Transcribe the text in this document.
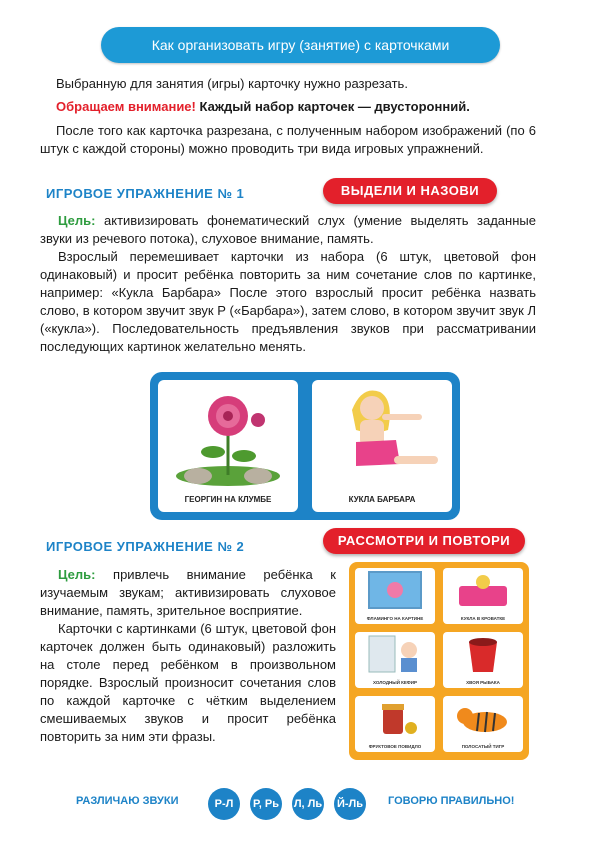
Как организовать игру (занятие) с карточками

Выбранную для занятия (игры) карточку нужно разрезать.

Обращаем внимание! Каждый набор карточек — двусторонний.

После того как карточка разрезана, с полученным набором изображений (по 6 штук с каждой стороны) можно проводить три вида игровых упражнений.

ИГРОВОЕ УПРАЖНЕНИЕ № 1	ВЫДЕЛИ И НАЗОВИ

Цель: активизировать фонематический слух (умение выделять заданные звуки из речевого потока), слуховое внимание, память.

Взрослый перемешивает карточки из набора (6 штук, цветовой фон одинаковый) и просит ребёнка повторить за ним сочетание слов по картинке, например: «Кукла Барбара» После этого взрослый просит ребёнка назвать слово, в котором звучит звук Р («Барбара»), затем слово, в котором звучит звук Л («кукла»). Последовательность предъявления звуков при рассматривании последующих картинок желательно менять.

ГЕОРГИН НА КЛУМБЕ	КУКЛА БАРБАРА
ИГРОВОЕ УПРАЖНЕНИЕ № 2	РАССМОТРИ И ПОВТОРИ

Цель: привлечь внимание ребёнка к изучаемым звукам; активизировать слуховое внимание, память, зрительное восприятие.

Карточки с картинками (6 штук, цветовой фон карточек должен быть одинаковый) разложить на столе перед ребёнком в произвольном порядке. Взрослый произносит сочетания слов по каждой карточке с чётким выделением смешиваемых звуков и просит ребёнка повторить за ним эти фразы.

ФЛАМИНГО НА КАРТИНЕ	КУКЛА В КРОВАТКЕ
ХОЛОДНЫЙ КЕФИР	ХВОЯ РЫБАКА
ФРУКТОВОЕ ПОВИДЛО	ПОЛОСАТЫЙ ТИГР
РАЗЛИЧАЮ ЗВУКИ	Р-Л	Р, Рь Л, Ль Й-Ль ГОВОРЮ ПРАВИЛЬНО!
